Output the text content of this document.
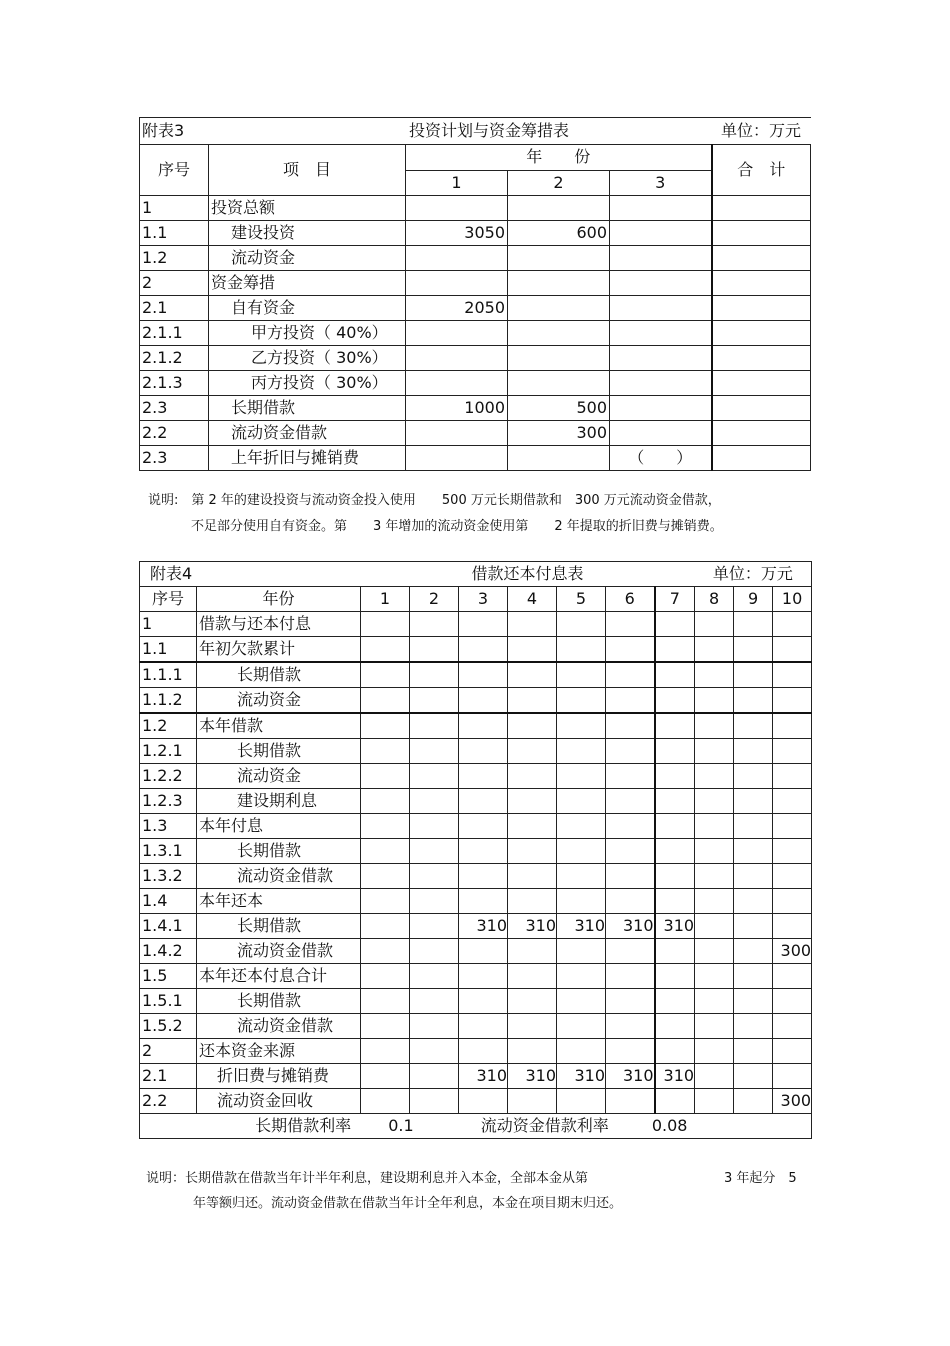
附表3	投资计划与资金筹措表				单位：万元
序号	项　目	年　　份			合　计
		1	2	3	
1	投资总额				
1.1	建设投资	3050	600		
1.2	流动资金				
2	资金筹措				
2.1	自有资金	2050			
2.1.1	甲方投资（ 40%）				
2.1.2	乙方投资（ 30%）				
2.1.3	丙方投资（ 30%）				
2.3	长期借款	1000	500		
2.2	流动资金借款		300		
2.3	上年折旧与摊销费			（　　）	
说明:　第 2 年的建设投资与流动资金投入使用　　500 万元长期借款和　300 万元流动资金借款，
不足部分使用自有资金。第　　3 年增加的流动资金使用第　　2 年提取的折旧费与摊销费。
附表4		借款还本付息表							单位：万元		
序号	年份	1	2	3	4	5	6	7	8	9	10
1	借款与还本付息										
1.1	年初欠款累计										
1.1.1	长期借款										
1.1.2	流动资金										
1.2	本年借款										
1.2.1	长期借款										
1.2.2	流动资金										
1.2.3	建设期利息										
1.3	本年付息										
1.3.1	长期借款										
1.3.2	流动资金借款										
1.4	本年还本										
1.4.1	长期借款			310	310	310	310	310			
1.4.2	流动资金借款										300
1.5	本年还本付息合计										
1.5.1	长期借款										
1.5.2	流动资金借款										
2	还本资金来源										
2.1	折旧费与摊销费			310	310	310	310	310			
2.2	流动资金回收										300
长期借款利率 0.1 流动资金借款利率 0.08											
说明：长期借款在借款当年计半年利息，建设期利息并入本金，全部本金从第	3 年起分　5
年等额归还。流动资金借款在借款当年计全年利息，本金在项目期末归还。
